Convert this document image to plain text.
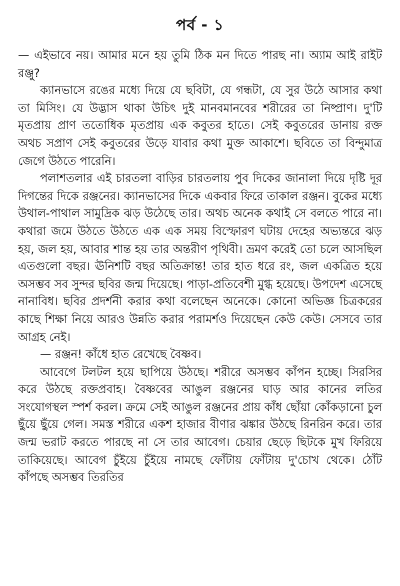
পর্ব - ১

— এইভাবে নয়। আমার মনে হয় তুমি ঠিক মন দিতে পারছ না। অ্যাম আই রাইট রঞ্জু?

ক্যানভাসে রঙের মধ্যে দিয়ে যে ছবিটা, যে গন্ধটা, যে সুর উঠে আসার কথা তা মিসিং। যে উদ্ভাস থাকা উচিৎ দুই মানবমানবের শরীরের তা নিষ্প্রাণ। দু'টি মৃতপ্রায় প্রাণ ততোধিক মৃতপ্রায় এক কবুতর হাতে। সেই কবুতরের ডানায় রক্ত অথচ সপ্রাণ সেই কবুতরের উড়ে যাবার কথা মুক্ত আকাশে। ছবিতে তা বিন্দুমাত্র জেগে উঠতে পারেনি।

পলাশতলার এই চারতলা বাড়ির চারতলায় পুব দিকের জানালা দিয়ে দৃষ্টি দূর দিগন্তের দিকে রঞ্জনের। ক্যানভাসের দিকে একবার ফিরে তাকাল রঞ্জন। বুকের মধ্যে উথাল-পাথাল সামুদ্রিক ঝড় উঠেছে তার। অথচ অনেক কথাই সে বলতে পারে না। কথারা জমে উঠতে উঠতে এক এক সময় বিস্ফোরণ ঘটায় দেহের অভ্যন্তরে ঝড় হয়, জল হয়, আবার শান্ত হয় তার অন্তরীণ পৃথিবী। ভ্রমণ করেই তো চলে আসছিল এতগুলো বছর। ঊনিশটি বছর অতিক্রান্ত! তার হাত ধরে রং, জল একত্রিত হয়ে অসম্ভব সব সুন্দর ছবির জন্ম দিয়েছে। পাড়া-প্রতিবেশী মুগ্ধ হয়েছে। উপদেশ এসেছে নানাবিধ। ছবির প্রদর্শনী করার কথা বলেছেন অনেকে। কোনো অভিজ্ঞ চিত্রকরের কাছে শিক্ষা নিয়ে আরও উন্নতি করার পরামর্শও দিয়েছেন কেউ কেউ। সেসবে তার আগ্রহ নেই।

— রঞ্জন! কাঁধে হাত রেখেছে বৈষ্ণব।

আবেগে টলটল হয়ে ছাপিয়ে উঠছে। শরীরে অসম্ভব কাঁপন হচ্ছে। সিরসির করে উঠছে রক্তপ্রবাহ। বৈষ্ণবের আঙুল রঞ্জনের ঘাড় আর কানের লতির সংযোগস্থল স্পর্শ করল। ক্রমে সেই আঙুল রঞ্জনের প্রায় কাঁধ ছোঁয়া কোঁকড়ানো চুল ছুঁয়ে ছুঁয়ে গেল। সমস্ত শরীরে একশ হাজার বীণার ঝঙ্কার উঠছে রিনরিন করে। তার জন্ম ভরাট করতে পারছে না সে তার আবেগ। চেয়ার ছেড়ে ছিটকে মুখ ফিরিয়ে তাকিয়েছে। আবেগ চুঁইয়ে চুঁইয়ে নামছে ফোঁটায় ফোঁটায় দু'চোখ থেকে। ঠোঁট কাঁপছে অসম্ভব তিরতির
